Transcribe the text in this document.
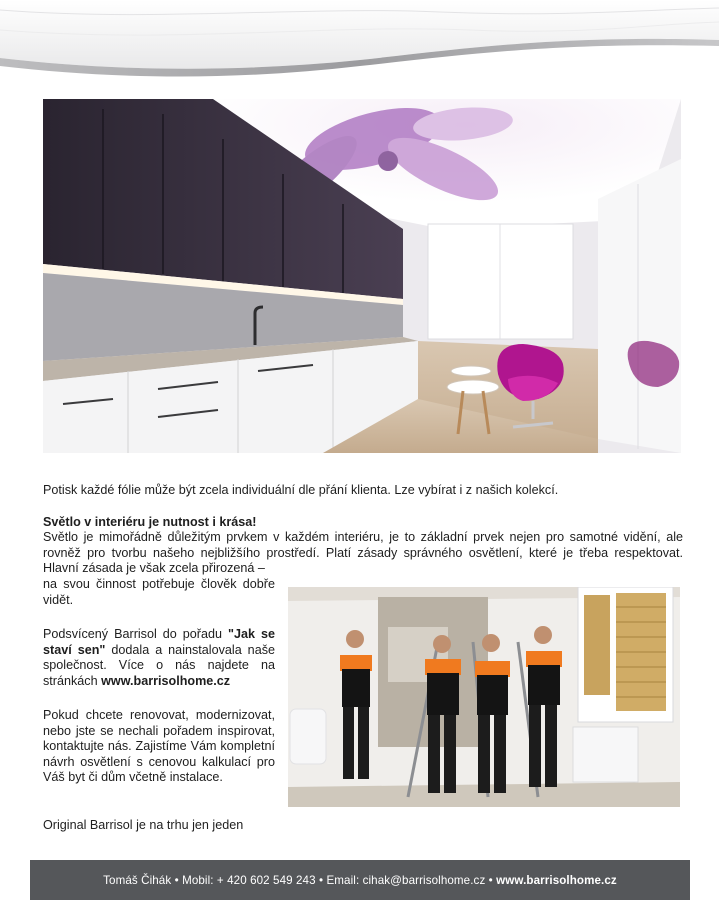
Potisk každé fólie může být zcela individuální dle přání klienta. Lze vybírat i z našich kolekcí.
Světlo v interiéru je nutnost i krása!
Světlo je mimořádně důležitým prvkem v každém interiéru, je to základní prvek nejen pro samotné vidění, ale rovněž pro tvorbu našeho nejbližšího prostředí. Platí zásady správného osvětlení, které je třeba respektovat. Hlavní zásada je však zcela přirozená –
na svou činnost potřebuje člověk dobře vidět.
Podsvícený Barrisol do pořadu "Jak se staví sen" dodala a nainstalovala naše společnost. Více o nás najdete na stránkách www.barrisolhome.cz
Pokud chcete renovovat, modernizovat, nebo jste se nechali pořadem inspirovat, kontaktujte nás. Zajistíme Vám kompletní návrh osvětlení s cenovou kalkulací pro Váš byt či dům včetně instalace.
Original Barrisol je na trhu jen jeden
Tomáš Čihák • Mobil: + 420 602 549 243 • Email: cihak@barrisolhome.cz • www.barrisolhome.cz
